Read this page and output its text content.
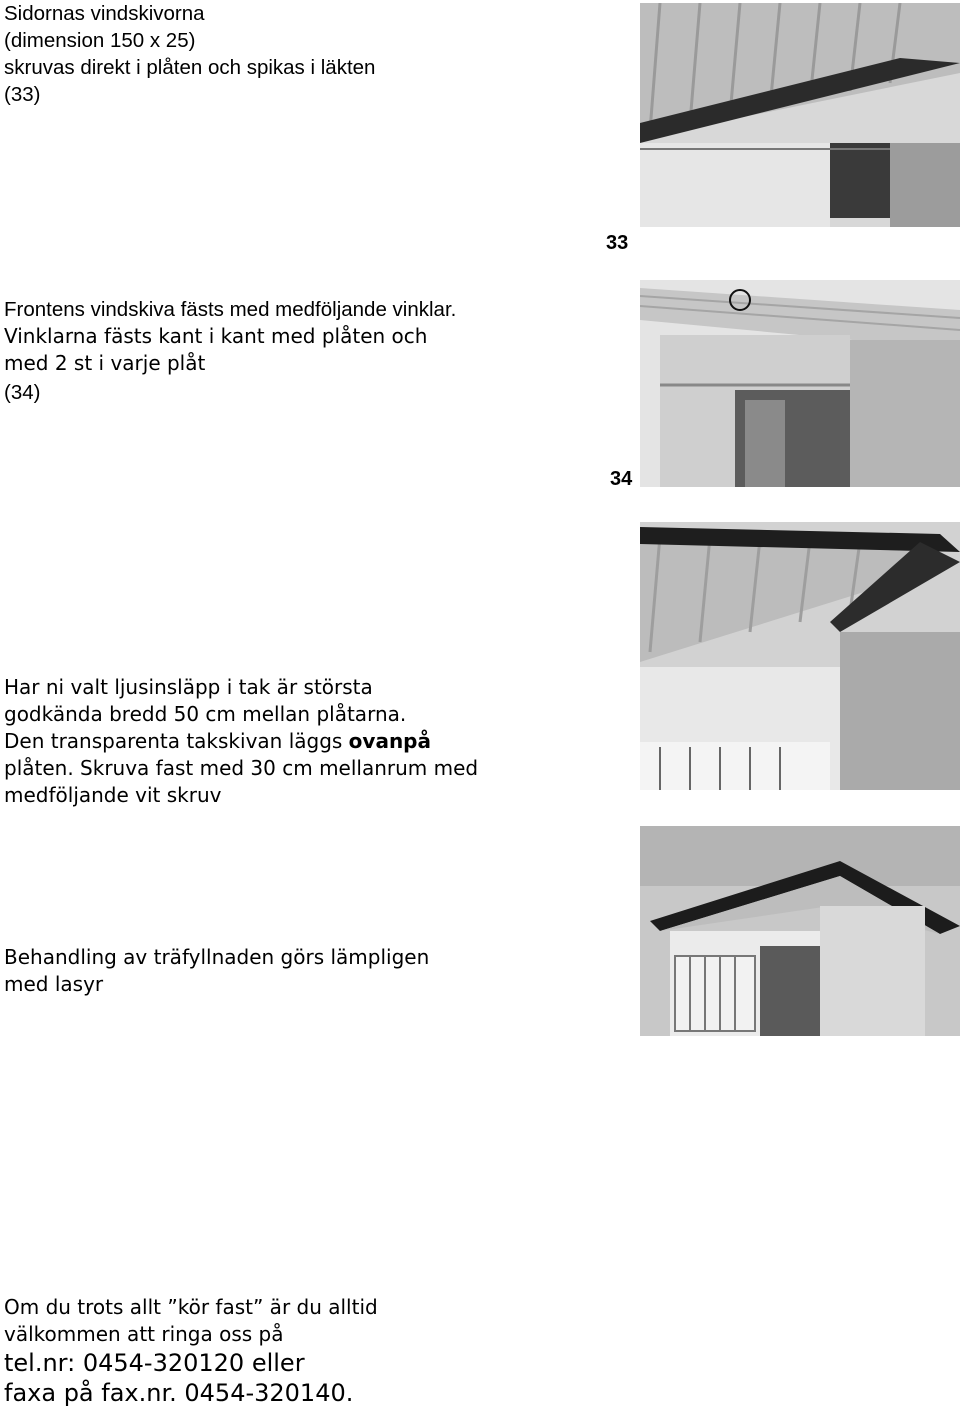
Sidornas vindskivorna
(dimension 150 x 25)
skruvas direkt i plåten och spikas i läkten
(33)
33
Frontens vindskiva fästs med medföljande vinklar.
Vinklarna fästs kant i kant med plåten och
med 2 st i varje plåt
(34)
34
Har ni valt ljusinsläpp i tak är största
godkända bredd 50 cm mellan plåtarna.
Den transparenta takskivan läggs ovanpå
plåten. Skruva fast med 30 cm mellanrum med
medföljande vit skruv
Behandling av träfyllnaden görs lämpligen
med lasyr
Om du trots allt ”kör fast” är du alltid
välkommen att ringa oss på
tel.nr: 0454-320120 eller
faxa på fax.nr. 0454-320140.
